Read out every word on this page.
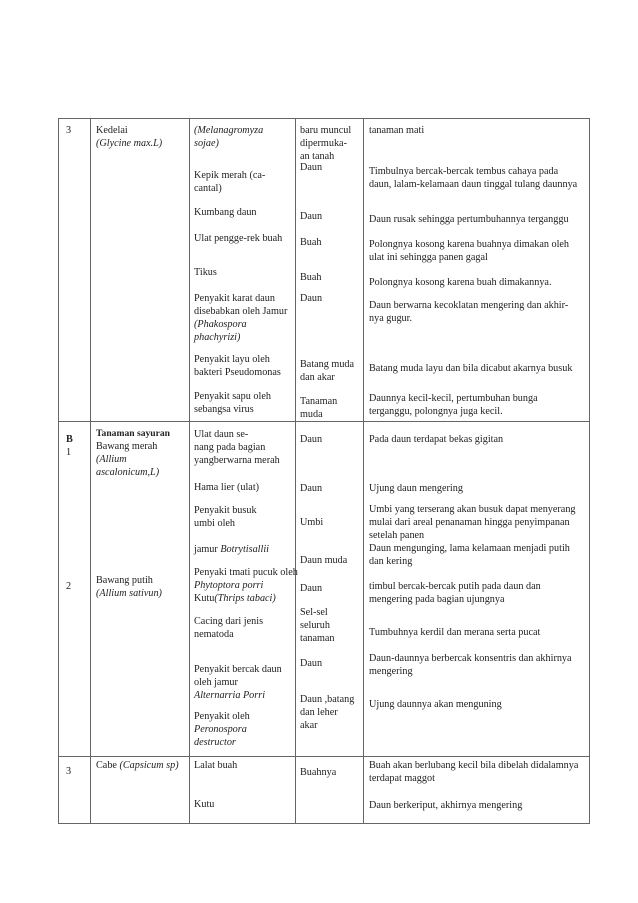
3	Kedelai
(Glycine max.L)
(Melanagromyza sojae)
Kepik merah (ca-cantal)
Kumbang daun
Ulat pengge-rek buah
Tikus
Penyakit karat daun disebabkan oleh Jamur (Phakospora phachyrizi)
Penyakit layu oleh bakteri Pseudomonas
Penyakit sapu oleh sebangsa virus
baru muncul dipermuka-an tanah
Daun
Daun
Buah
Buah
Daun
Batang muda dan akar
Tanaman muda
tanaman mati
Timbulnya bercak-bercak tembus cahaya pada daun, lalam-kelamaan daun tinggal tulang daunnya
Daun rusak sehingga pertumbuhannya terganggu
Polongnya kosong karena buahnya dimakan oleh ulat ini sehingga panen gagal
Polongnya kosong karena buah dimakannya.
Daun berwarna kecoklatan mengering dan akhir-nya gugur.
Batang muda layu dan bila dicabut akarnya busuk
Daunnya kecil-kecil, pertumbuhan bunga terganggu, polongnya juga kecil.
B
1
Tanaman sayuran
Bawang merah
(Allium ascalonicum,L)
Ulat daun se-
nang pada bagian
yangberwarna merah
Hama lier (ulat)
Penyakit busuk
umbi oleh
jamur Botrytisallii
Penyaki tmati pucuk oleh
Daun
Daun
Umbi
Daun muda
Pada daun terdapat bekas gigitan
Ujung daun mengering
Umbi yang terserang akan busuk dapat menyerang mulai dari areal penanaman hingga penyimpanan setelah panen
Daun mengunging, lama kelamaan menjadi putih dan kering
2
Bawang putih
(Allium sativun)
Phytoptora porri
Kutu(Thrips tabaci)
Cacing dari jenis nematoda
Penyakit bercak daun oleh jamur
Alternarria Porri
Penyakit oleh
Peronospora destructor
Daun
Sel-sel seluruh tanaman
Daun
Daun ,batang dan leher akar
timbul bercak-bercak putih pada daun dan mengering pada bagian ujungnya
Tumbuhnya kerdil dan merana serta pucat
Daun-daunnya berbercak konsentris dan akhirnya mengering
Ujung daunnya akan menguning
3
Cabe (Capsicum sp)	Lalat buah
Kutu
Buahnya
Buah akan berlubang kecil bila dibelah didalamnya terdapat maggot
Daun berkeriput, akhirnya mengering
